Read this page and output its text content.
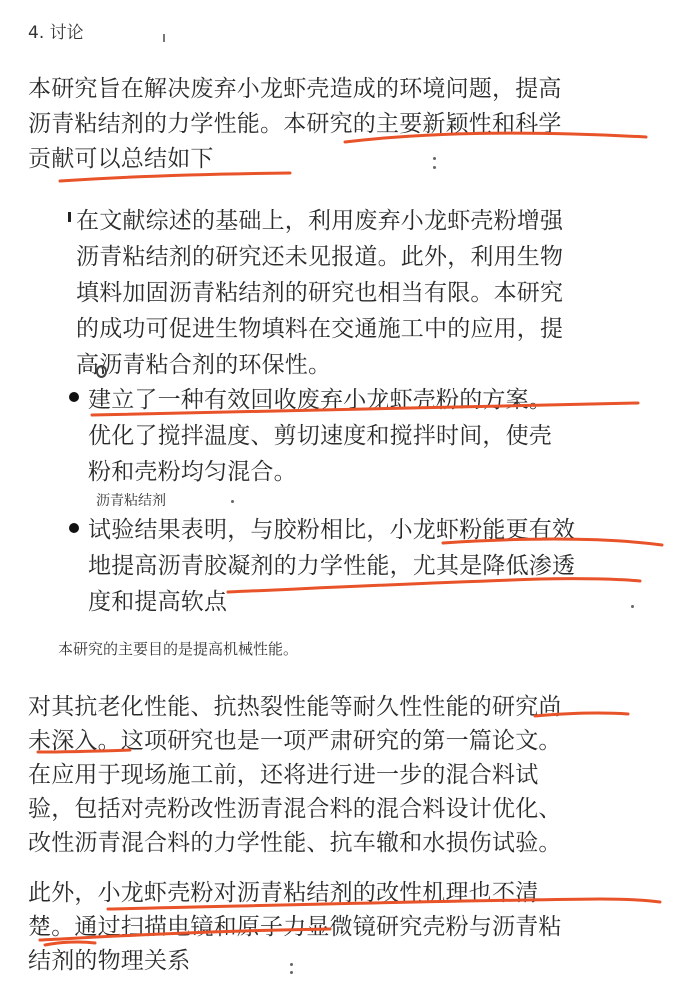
4. 讨论

本研究旨在解决废弃小龙虾壳造成的环境问题，提高

沥青粘结剂的力学性能。本研究的主要新颖性和科学

贡献可以总结如下

在文献综述的基础上，利用废弃小龙虾壳粉增强

沥青粘结剂的研究还未见报道。此外，利用生物

填料加固沥青粘结剂的研究也相当有限。本研究

的成功可促进生物填料在交通施工中的应用，提

高沥青粘合剂的环保性。

建立了一种有效回收废弃小龙虾壳粉的方案。

优化了搅拌温度、剪切速度和搅拌时间，使壳

粉和壳粉均匀混合。

沥青粘结剂

试验结果表明，与胶粉相比，小龙虾粉能更有效

地提高沥青胶凝剂的力学性能，尤其是降低渗透

度和提高软点

本研究的主要目的是提高机械性能。

对其抗老化性能、抗热裂性能等耐久性性能的研究尚

未深入。这项研究也是一项严肃研究的第一篇论文。

在应用于现场施工前，还将进行进一步的混合料试

验，包括对壳粉改性沥青混合料的混合料设计优化、

改性沥青混合料的力学性能、抗车辙和水损伤试验。

此外，小龙虾壳粉对沥青粘结剂的改性机理也不清

楚。通过扫描电镜和原子力显微镜研究壳粉与沥青粘

结剂的物理关系
